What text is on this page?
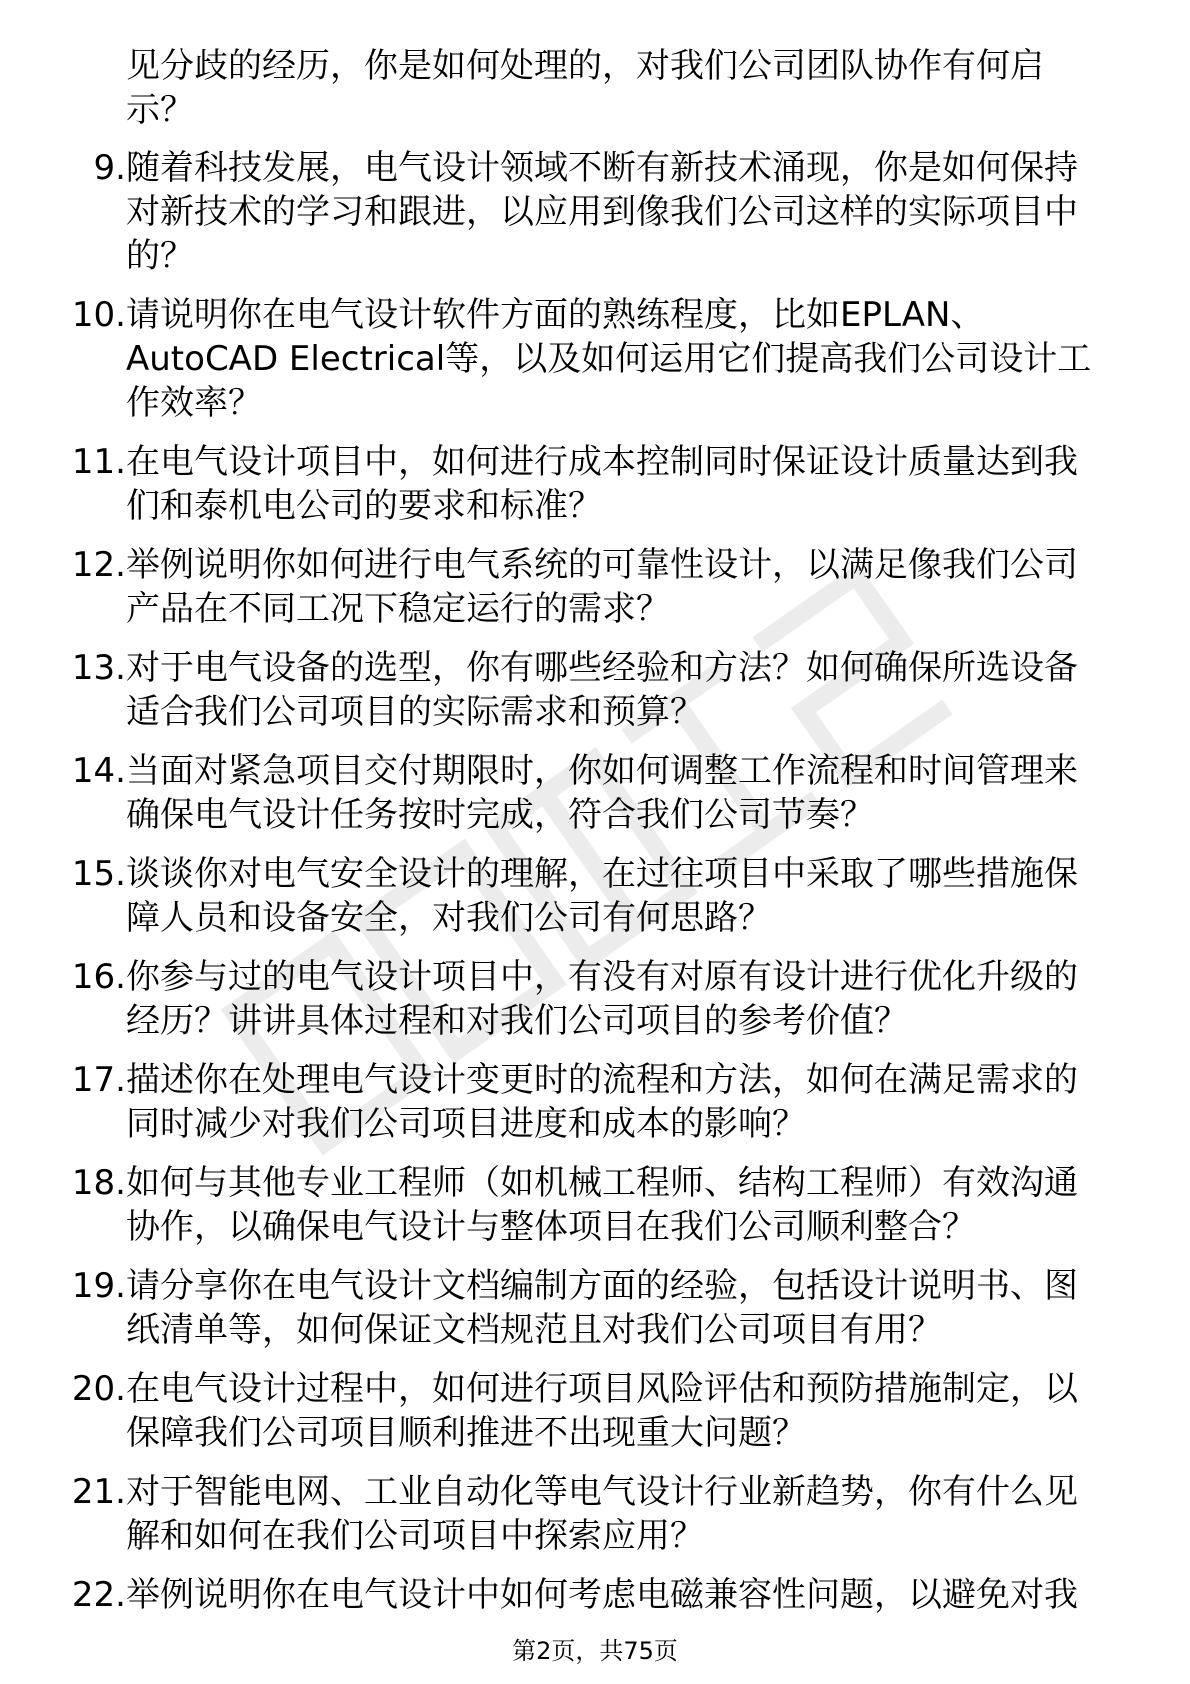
见分歧的经历，你是如何处理的，对我们公司团队协作有何启示？
9. 随着科技发展，电气设计领域不断有新技术涌现，你是如何保持对新技术的学习和跟进，以应用到像我们公司这样的实际项目中的？
10. 请说明你在电气设计软件方面的熟练程度，比如EPLAN、AutoCAD Electrical等，以及如何运用它们提高我们公司设计工作效率？
11. 在电气设计项目中，如何进行成本控制同时保证设计质量达到我们和泰机电公司的要求和标准？
12. 举例说明你如何进行电气系统的可靠性设计，以满足像我们公司产品在不同工况下稳定运行的需求？
13. 对于电气设备的选型，你有哪些经验和方法？如何确保所选设备适合我们公司项目的实际需求和预算？
14. 当面对紧急项目交付期限时，你如何调整工作流程和时间管理来确保电气设计任务按时完成，符合我们公司节奏？
15. 谈谈你对电气安全设计的理解，在过往项目中采取了哪些措施保障人员和设备安全，对我们公司有何思路？
16. 你参与过的电气设计项目中，有没有对原有设计进行优化升级的经历？讲讲具体过程和对我们公司项目的参考价值？
17. 描述你在处理电气设计变更时的流程和方法，如何在满足需求的同时减少对我们公司项目进度和成本的影响？
18. 如何与其他专业工程师（如机械工程师、结构工程师）有效沟通协作，以确保电气设计与整体项目在我们公司顺利整合？
19. 请分享你在电气设计文档编制方面的经验，包括设计说明书、图纸清单等，如何保证文档规范且对我们公司项目有用？
20. 在电气设计过程中，如何进行项目风险评估和预防措施制定，以保障我们公司项目顺利推进不出现重大问题？
21. 对于智能电网、工业自动化等电气设计行业新趋势，你有什么见解和如何在我们公司项目中探索应用？
22. 举例说明你在电气设计中如何考虑电磁兼容性问题，以避免对我
第2页，共75页
